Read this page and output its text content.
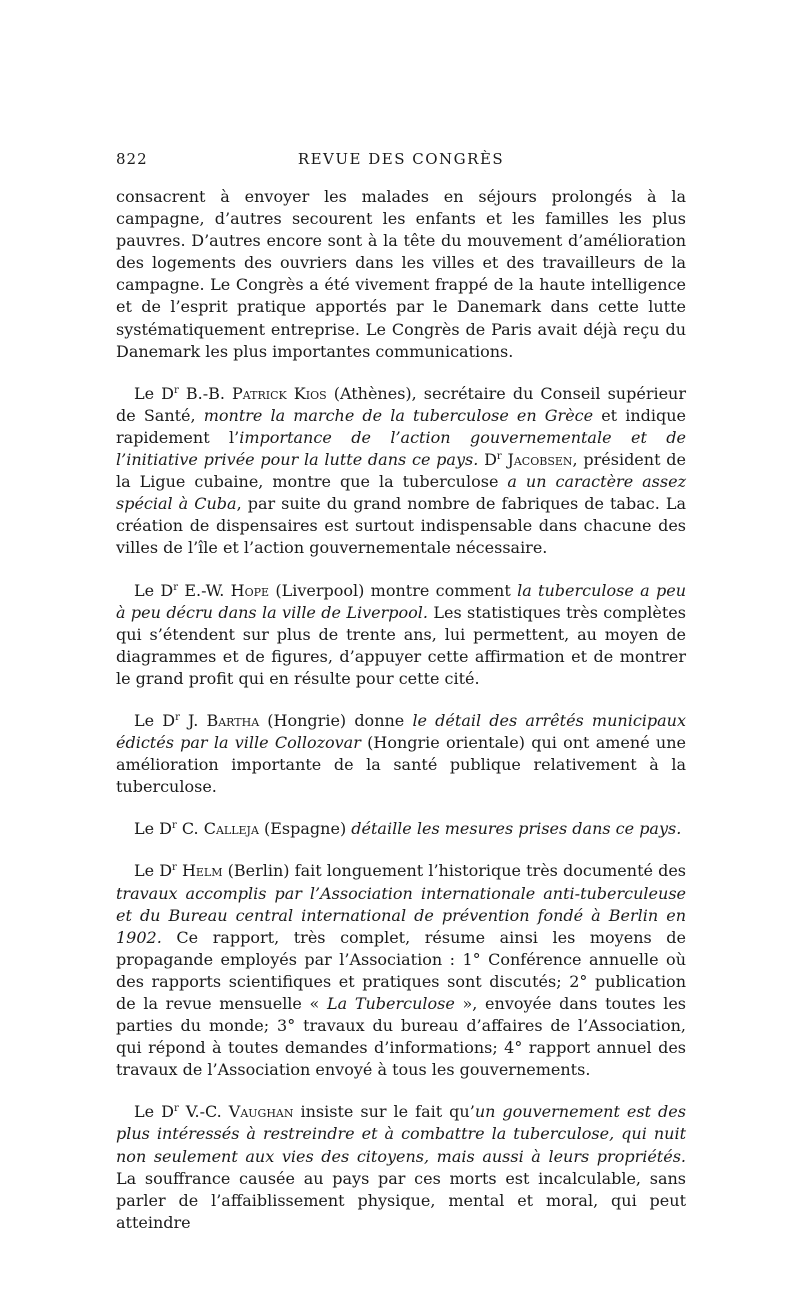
822	REVUE DES CONGRÈS

consacrent à envoyer les malades en séjours prolongés à la campagne, d’autres secourent les enfants et les familles les plus pauvres. D’autres encore sont à la tête du mouvement d’amélioration des logements des ouvriers dans les villes et des travailleurs de la campagne. Le Congrès a été vivement frappé de la haute intelligence et de l’esprit pratique apportés par le Danemark dans cette lutte systématiquement entreprise. Le Congrès de Paris avait déjà reçu du Danemark les plus importantes communications.

Le $D^r$ B.-B. Patrick Kios (Athènes), secrétaire du Conseil supérieur de Santé, montre la marche de la tuberculose en Grèce et indique rapidement l’importance de l’action gouvernementale et de l’initiative privée pour la lutte dans ce pays. $D^r$ Jacobsen, président de la Ligue cubaine, montre que la tuberculose a un caractère assez spécial à Cuba, par suite du grand nombre de fabriques de tabac. La création de dispensaires est surtout indispensable dans chacune des villes de l’île et l’action gouvernementale nécessaire.

Le $D^r$ E.-W. Hope (Liverpool) montre comment la tuberculose a peu à peu décru dans la ville de Liverpool. Les statistiques très complètes qui s’étendent sur plus de trente ans, lui permettent, au moyen de diagrammes et de figures, d’appuyer cette affirmation et de montrer le grand profit qui en résulte pour cette cité.

Le $D^r$ J. Bartha (Hongrie) donne le détail des arrêtés municipaux édictés par la ville Collozovar (Hongrie orientale) qui ont amené une amélioration importante de la santé publique relativement à la tuberculose.

Le $D^r$ C. Calleja (Espagne) détaille les mesures prises dans ce pays.

Le $D^r$ Helm (Berlin) fait longuement l’historique très documenté des travaux accomplis par l’Association internationale anti-tuberculeuse et du Bureau central international de prévention fondé à Berlin en 1902. Ce rapport, très complet, résume ainsi les moyens de propagande employés par l’Association : 1° Conférence annuelle où des rapports scientifiques et pratiques sont discutés; 2° publication de la revue mensuelle « La Tuberculose », envoyée dans toutes les parties du monde; 3° travaux du bureau d’affaires de l’Association, qui répond à toutes demandes d’informations; 4° rapport annuel des travaux de l’Association envoyé à tous les gouvernements.

Le $D^r$ V.-C. Vaughan insiste sur le fait qu’un gouvernement est des plus intéressés à restreindre et à combattre la tuberculose, qui nuit non seulement aux vies des citoyens, mais aussi à leurs propriétés. La souffrance causée au pays par ces morts est incalculable, sans parler de l’affaiblissement physique, mental et moral, qui peut atteindre
